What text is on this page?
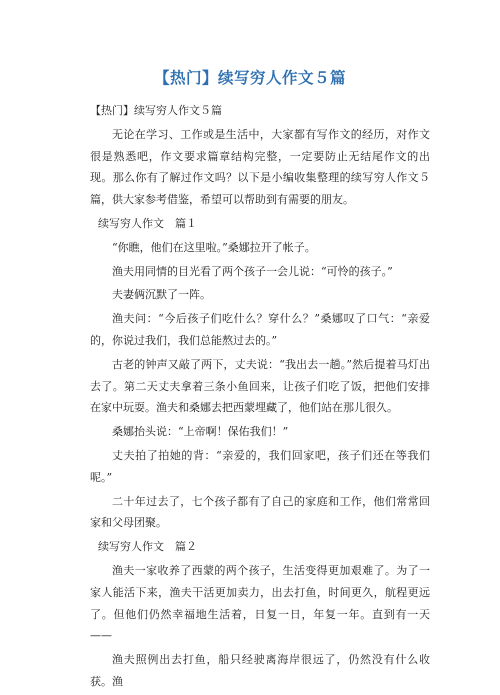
【热门】续写穷人作文５篇

【热门】续写穷人作文５篇

无论在学习、工作或是生活中，大家都有写作文的经历，对作文很是熟悉吧，作文要求篇章结构完整，一定要防止无结尾作文的出现。那么你有了解过作文吗？以下是小编收集整理的续写穷人作文５篇，供大家参考借鉴，希望可以帮助到有需要的朋友。

续写穷人作文　篇１

“你瞧，他们在这里啦。”桑娜拉开了帐子。

渔夫用同情的目光看了两个孩子一会儿说：“可怜的孩子。”

夫妻俩沉默了一阵。

渔夫问：“今后孩子们吃什么？穿什么？”桑娜叹了口气：“亲爱的，你说过我们，我们总能熬过去的。”

古老的钟声又敲了两下，丈夫说：“我出去一趟。”然后提着马灯出去了。第二天丈夫拿着三条小鱼回来，让孩子们吃了饭，把他们安排在家中玩耍。渔夫和桑娜去把西蒙埋藏了，他们站在那儿很久。

桑娜抬头说：“上帝啊！保佑我们！”

丈夫拍了拍她的背：“亲爱的，我们回家吧，孩子们还在等我们呢。”

二十年过去了，七个孩子都有了自己的家庭和工作，他们常常回家和父母团聚。

续写穷人作文　篇２

渔夫一家收养了西蒙的两个孩子，生活变得更加艰难了。为了一家人能活下来，渔夫干活更加卖力，出去打鱼，时间更久，航程更远了。但他们仍然幸福地生活着，日复一日，年复一年。直到有一天——

渔夫照例出去打鱼，船只经驶离海岸很远了，仍然没有什么收获。渔
